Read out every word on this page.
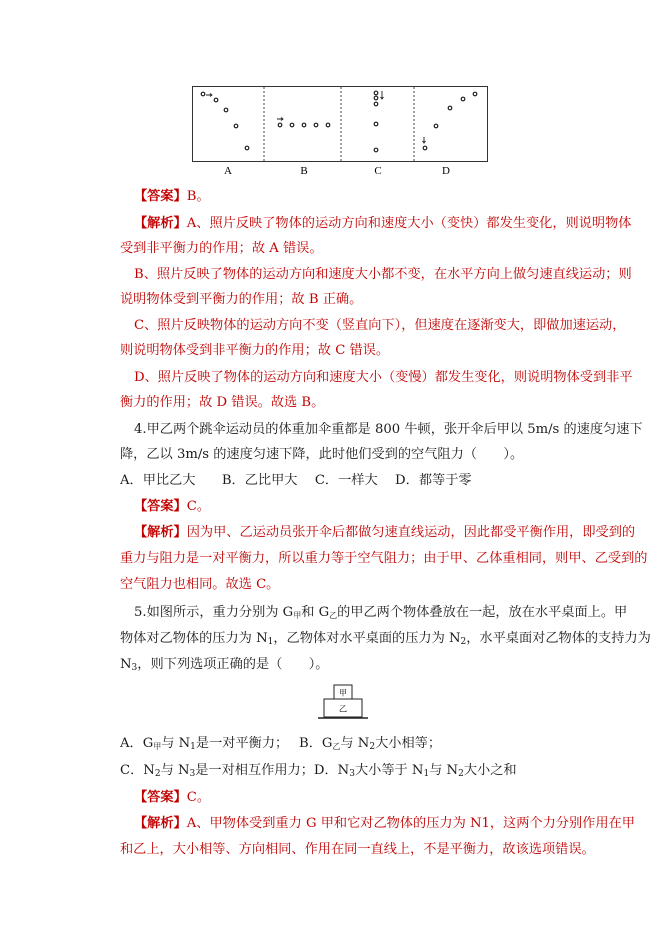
A	B	C	D
【答案】B。
【解析】A、照片反映了物体的运动方向和速度大小（变快）都发生变化，则说明物体
受到非平衡力的作用；故 A 错误。
B、照片反映了物体的运动方向和速度大小都不变，在水平方向上做匀速直线运动；则
说明物体受到平衡力的作用；故 B 正确。
C、照片反映物体的运动方向不变（竖直向下），但速度在逐渐变大，即做加速运动，
则说明物体受到非平衡力的作用；故 C 错误。
D、照片反映了物体的运动方向和速度大小（变慢）都发生变化，则说明物体受到非平
衡力的作用；故 D 错误。故选 B。
4.甲乙两个跳伞运动员的体重加伞重都是 800 牛顿，张开伞后甲以 5m/s 的速度匀速下
降，乙以 3m/s 的速度匀速下降，此时他们受到的空气阻力（　　）。
A．甲比乙大　　B．乙比甲大　 C．一样大　 D．都等于零
【答案】C。
【解析】因为甲、乙运动员张开伞后都做匀速直线运动，因此都受平衡作用，即受到的
重力与阻力是一对平衡力，所以重力等于空气阻力；由于甲、乙体重相同，则甲、乙受到的
空气阻力也相同。故选 C。
5.如图所示，重力分别为 $G_甲$和 $G_乙$的甲乙两个物体叠放在一起，放在水平桌面上。甲
物体对乙物体的压力为 $N_1$，乙物体对水平桌面的压力为 $N_2$，水平桌面对乙物体的支持力为
$N_3$，则下列选项正确的是（　　）。
甲
乙
A．$G_甲$与 $N_1$是一对平衡力；　 B．$G_乙$与 $N_2$大小相等；
C．$N_2$与 $N_3$是一对相互作用力；D．$N_3$大小等于 $N_1$与 $N_2$大小之和
【答案】C。
【解析】A、甲物体受到重力 G 甲和它对乙物体的压力为 N1，这两个力分别作用在甲
和乙上，大小相等、方向相同、作用在同一直线上，不是平衡力，故该选项错误。
